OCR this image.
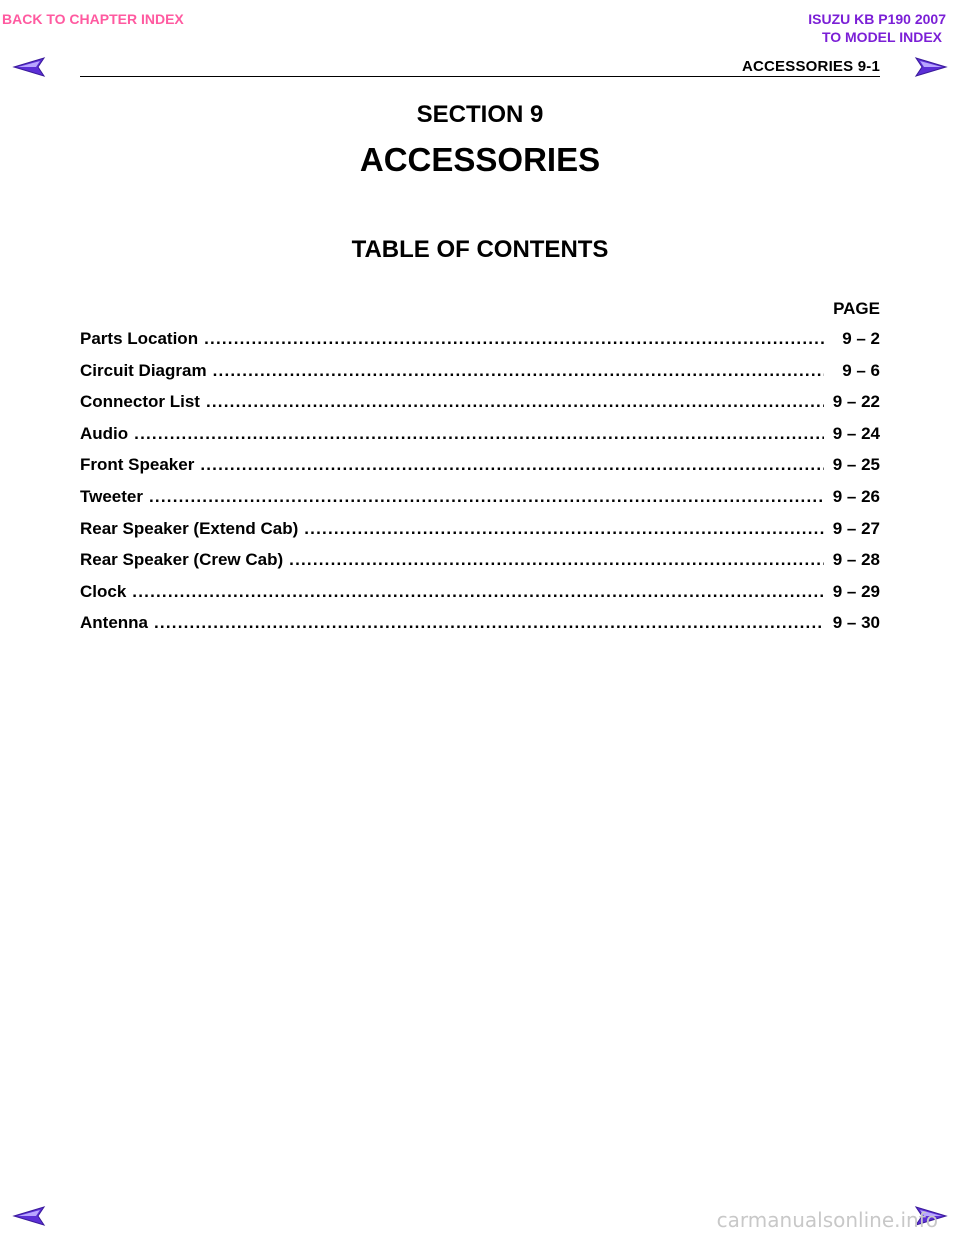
BACK TO CHAPTER INDEX	ISUZU KB P190 2007
TO MODEL INDEX
ACCESSORIES 9-1
SECTION 9
ACCESSORIES
TABLE OF CONTENTS
PAGE
Parts Location .....	9 – 2
Circuit Diagram .....	9 – 6
Connector List .....	9 – 22
Audio .....	9 – 24
Front Speaker .....	9 – 25
Tweeter .....	9 – 26
Rear Speaker (Extend Cab) .....	9 – 27
Rear Speaker (Crew Cab) .....	9 – 28
Clock .....	9 – 29
Antenna .....	9 – 30
carmanualsonline.info
